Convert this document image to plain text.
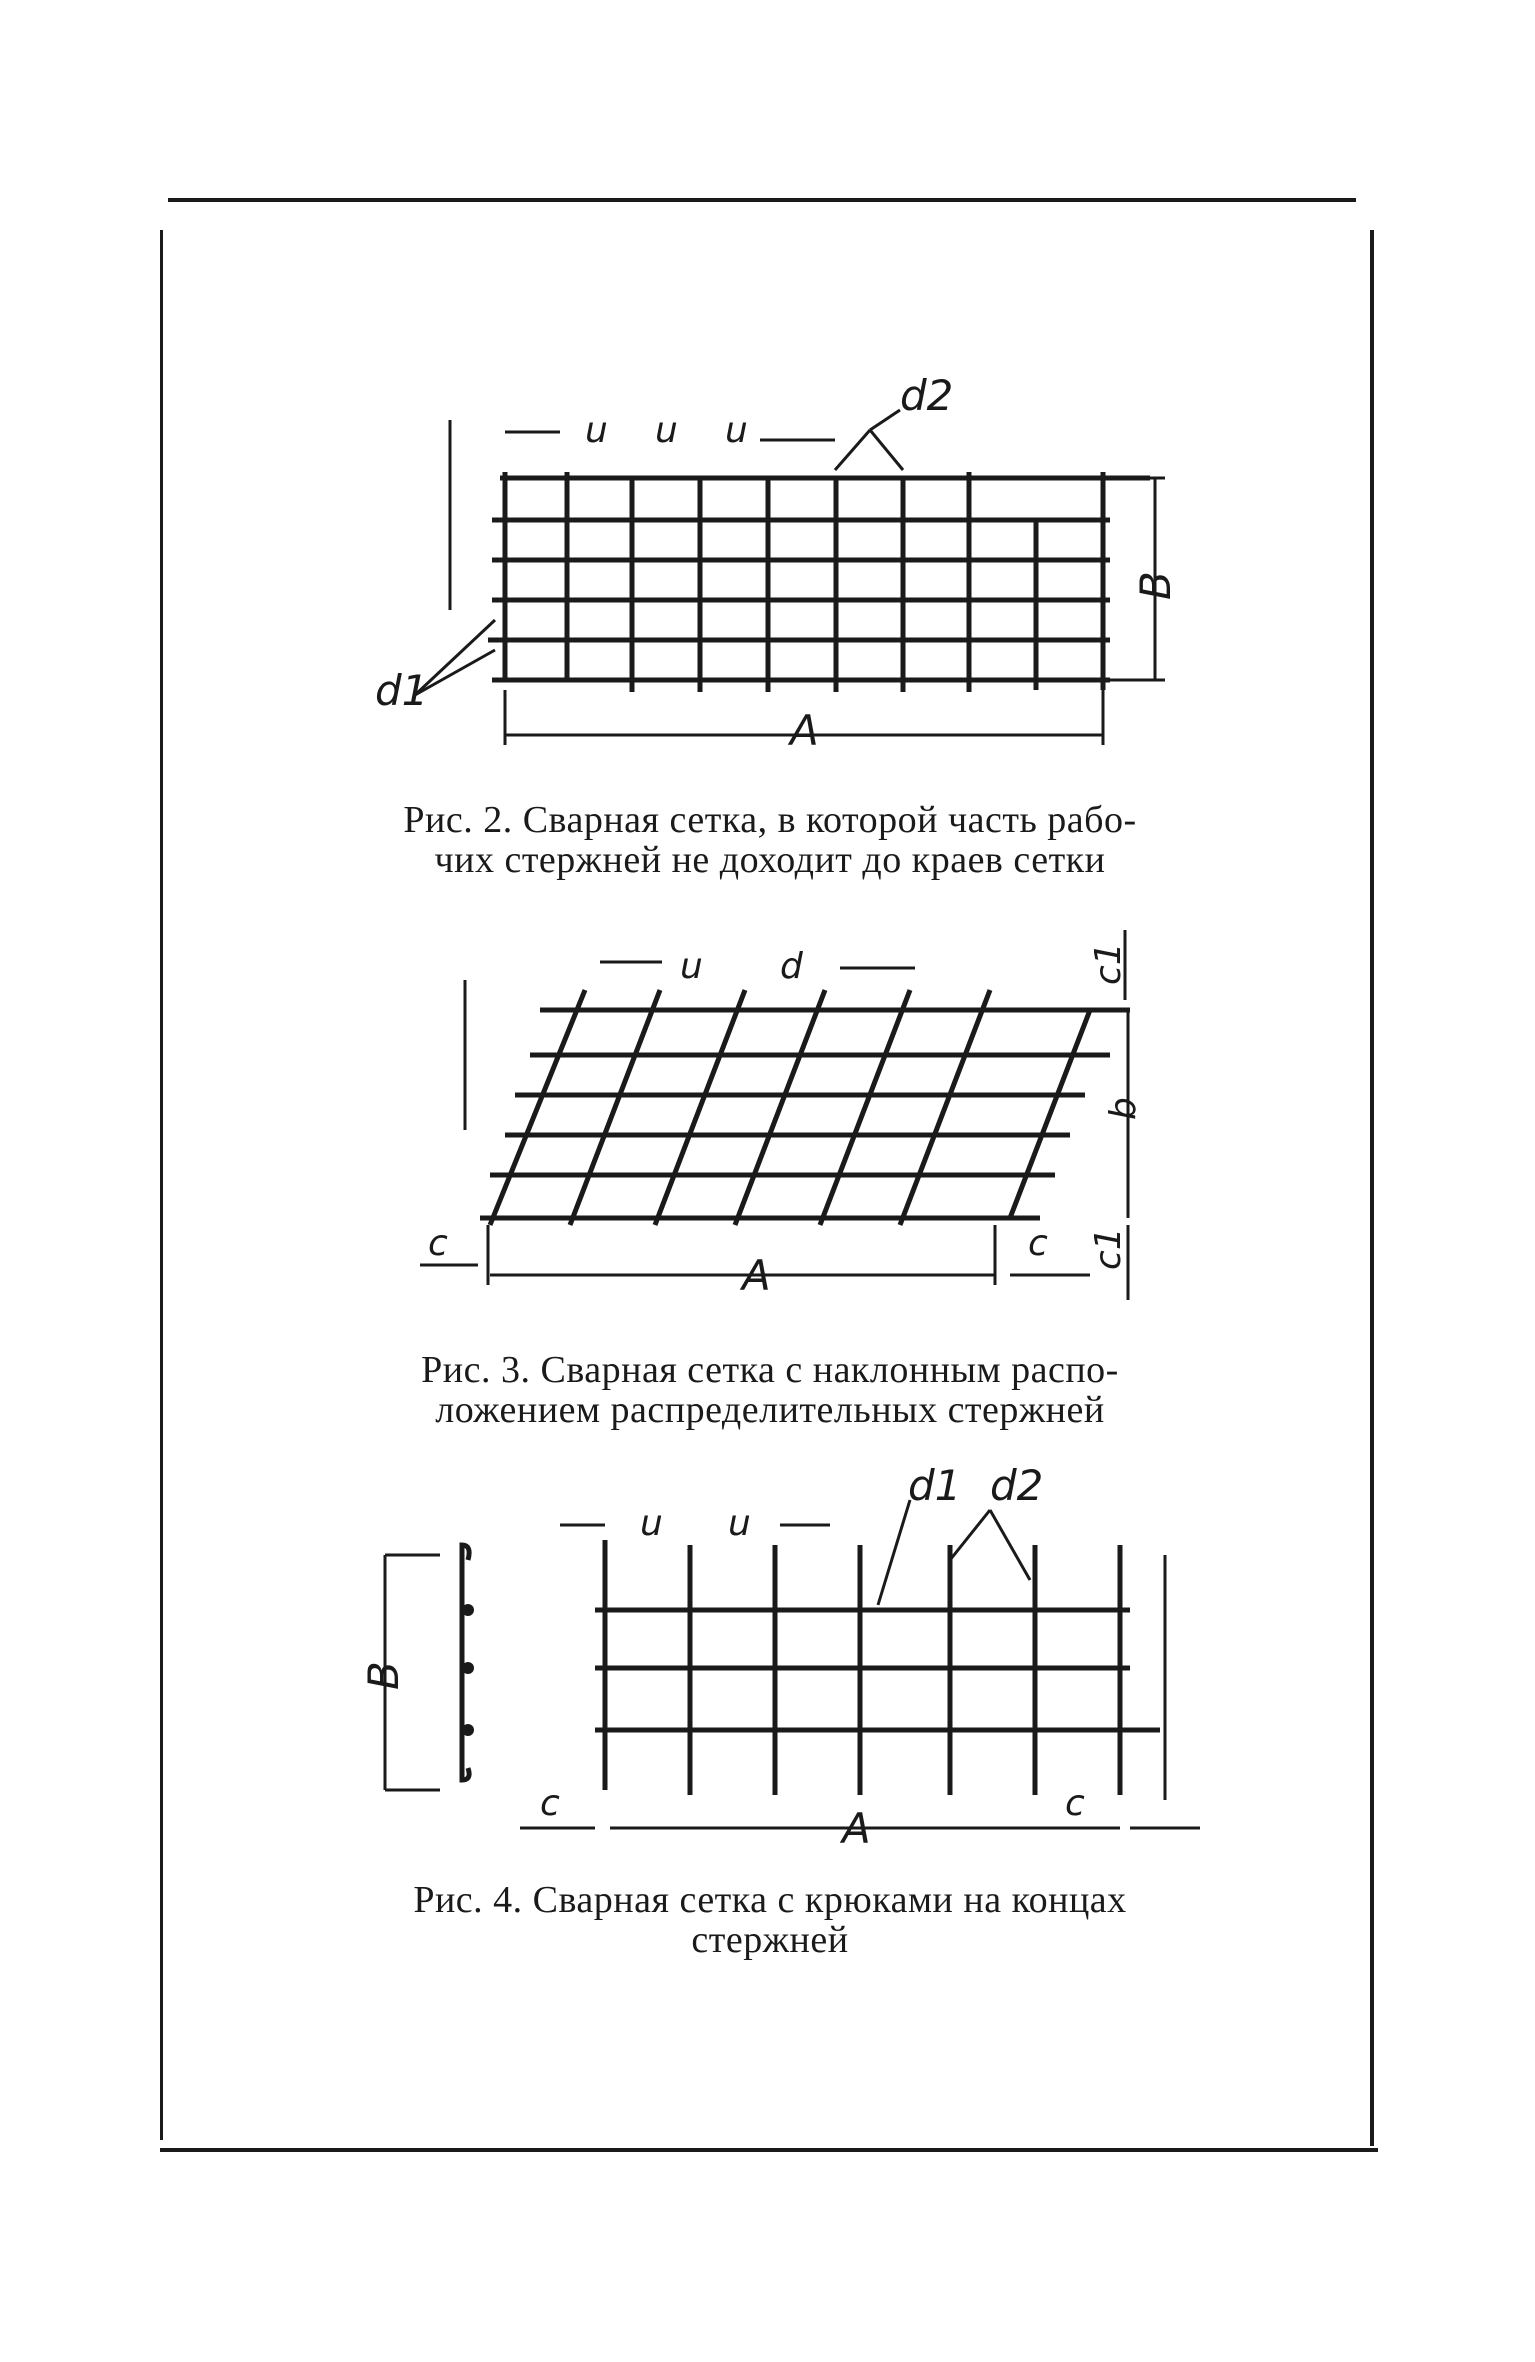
u u u
d2
d1
A
B
Рис. 2. Сварная сетка, в которой часть рабо-
чих стержней не доходит до краев сетки
u d	c1
b
c	c c1
A
Рис. 3. Сварная сетка с наклонным распо-
ложением распределительных стержней
u u
d1 d2
B
c	c
A
Рис. 4. Сварная сетка с крюками на концах
стержней
